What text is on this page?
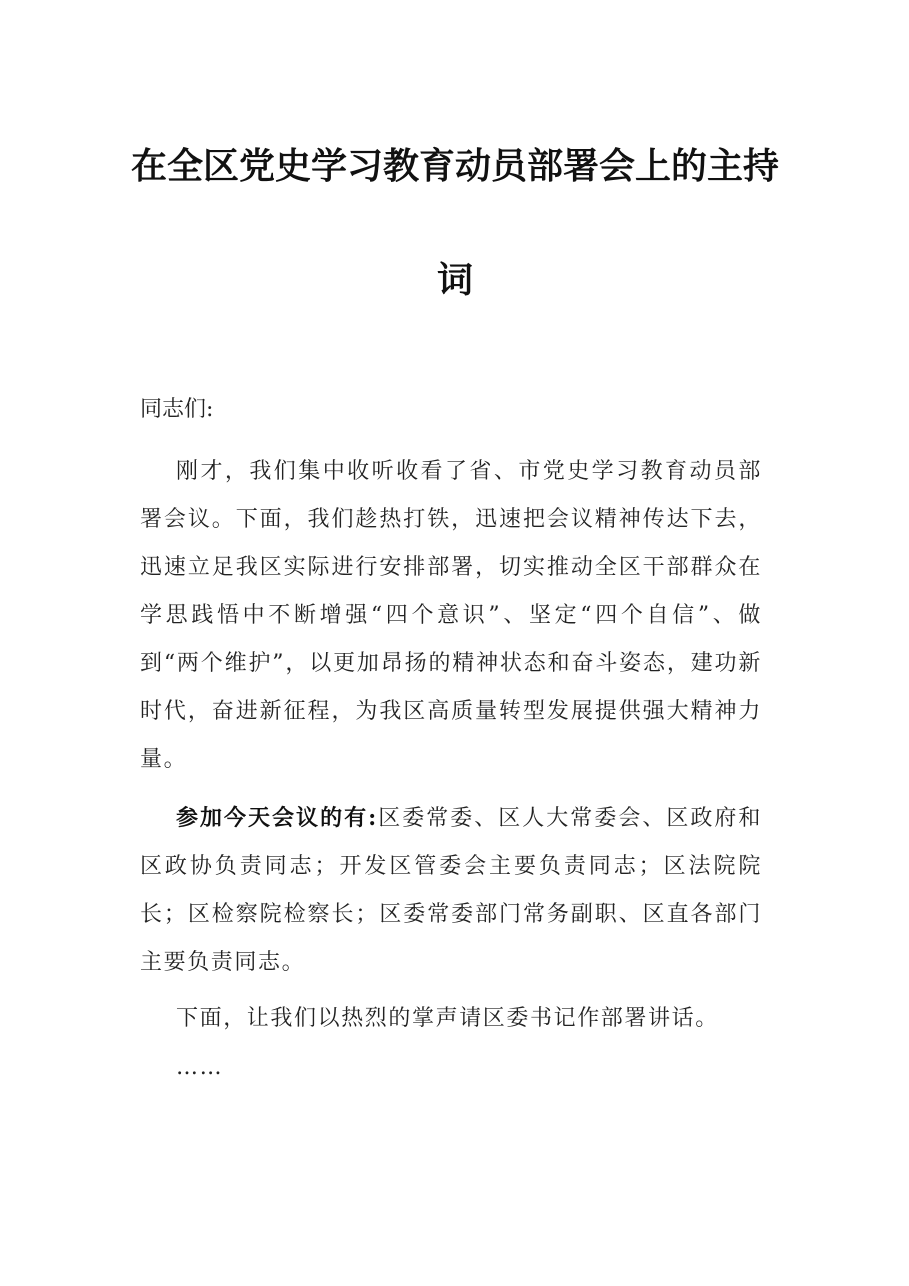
在全区党史学习教育动员部署会上的主持
词

同志们:

刚才，我们集中收听收看了省、市党史学习教育动员部署会议。下面，我们趁热打铁，迅速把会议精神传达下去，迅速立足我区实际进行安排部署，切实推动全区干部群众在学思践悟中不断增强“四个意识”、坚定“四个自信”、做到“两个维护”，以更加昂扬的精神状态和奋斗姿态，建功新时代，奋进新征程，为我区高质量转型发展提供强大精神力量。

参加今天会议的有:区委常委、区人大常委会、区政府和区政协负责同志；开发区管委会主要负责同志；区法院院长；区检察院检察长；区委常委部门常务副职、区直各部门主要负责同志。

下面，让我们以热烈的掌声请区委书记作部署讲话。

……
